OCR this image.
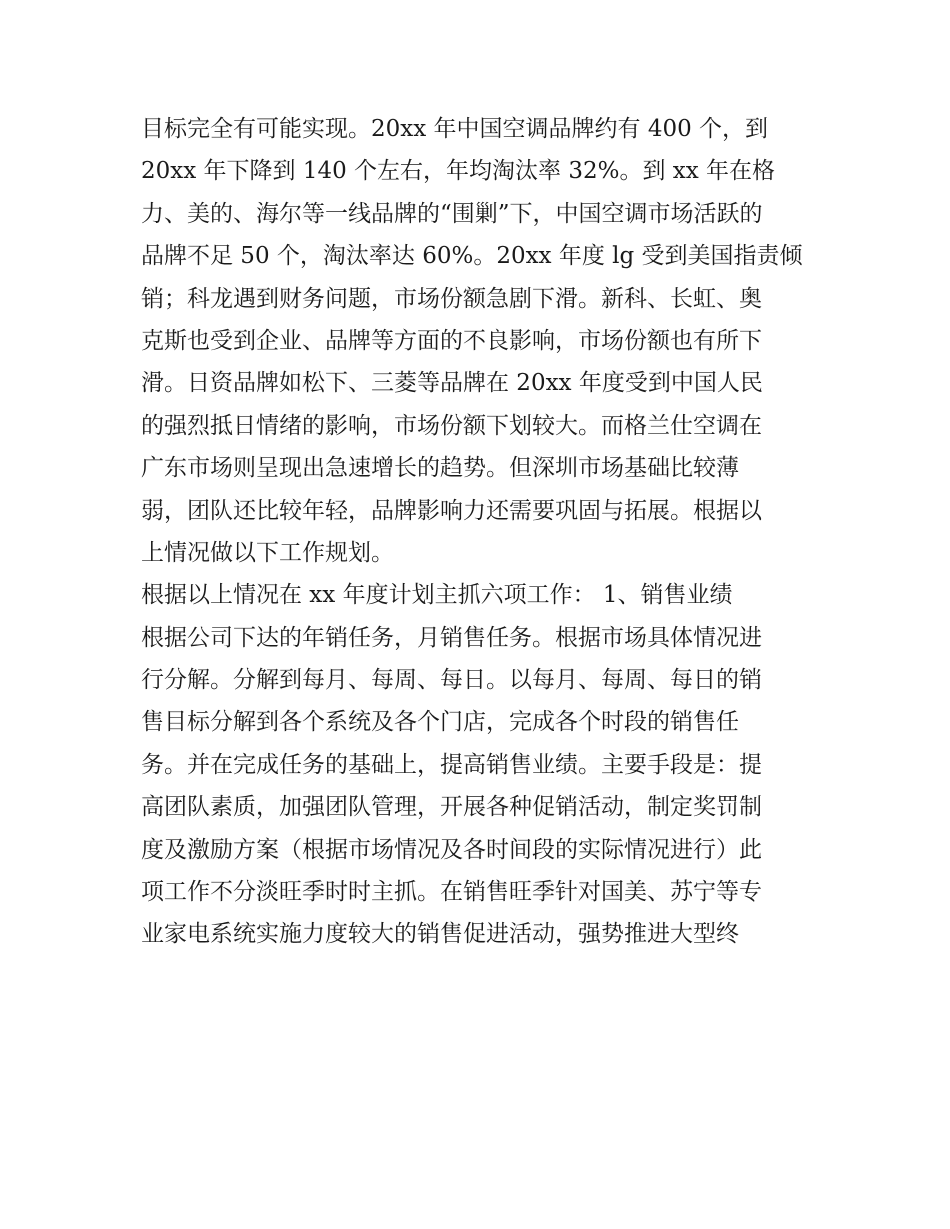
目标完全有可能实现。20xx 年中国空调品牌约有 400 个，到
20xx 年下降到 140 个左右，年均淘汰率 32%。到 xx 年在格
力、美的、海尔等一线品牌的“围剿”下，中国空调市场活跃的
品牌不足 50 个，淘汰率达 60%。20xx 年度 lg 受到美国指责倾
销；科龙遇到财务问题，市场份额急剧下滑。新科、长虹、奥
克斯也受到企业、品牌等方面的不良影响，市场份额也有所下
滑。日资品牌如松下、三菱等品牌在 20xx 年度受到中国人民
的强烈抵日情绪的影响，市场份额下划较大。而格兰仕空调在
广东市场则呈现出急速增长的趋势。但深圳市场基础比较薄
弱，团队还比较年轻，品牌影响力还需要巩固与拓展。根据以
上情况做以下工作规划。
根据以上情况在 xx 年度计划主抓六项工作： 1、销售业绩
根据公司下达的年销任务，月销售任务。根据市场具体情况进
行分解。分解到每月、每周、每日。以每月、每周、每日的销
售目标分解到各个系统及各个门店，完成各个时段的销售任
务。并在完成任务的基础上，提高销售业绩。主要手段是：提
高团队素质，加强团队管理，开展各种促销活动，制定奖罚制
度及激励方案（根据市场情况及各时间段的实际情况进行）此
项工作不分淡旺季时时主抓。在销售旺季针对国美、苏宁等专
业家电系统实施力度较大的销售促进活动，强势推进大型终
